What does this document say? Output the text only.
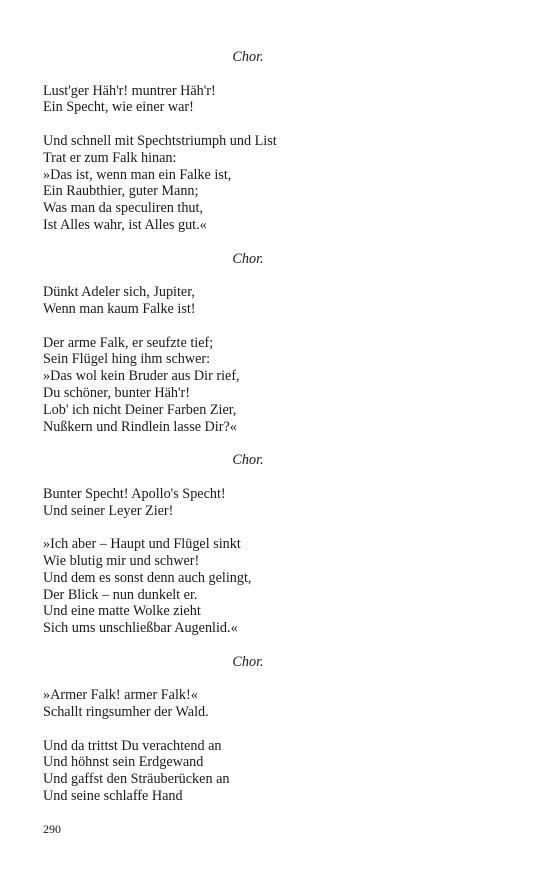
Chor.
Lust'ger Häh'r! muntrer Häh'r!
Ein Specht, wie einer war!
Und schnell mit Spechtstriumph und List
Trat er zum Falk hinan:
»Das ist, wenn man ein Falke ist,
Ein Raubthier, guter Mann;
Was man da speculiren thut,
Ist Alles wahr, ist Alles gut.«
Chor.
Dünkt Adeler sich, Jupiter,
Wenn man kaum Falke ist!
Der arme Falk, er seufzte tief;
Sein Flügel hing ihm schwer:
»Das wol kein Bruder aus Dir rief,
Du schöner, bunter Häh'r!
Lob' ich nicht Deiner Farben Zier,
Nußkern und Rindlein lasse Dir?«
Chor.
Bunter Specht! Apollo's Specht!
Und seiner Leyer Zier!
»Ich aber – Haupt und Flügel sinkt
Wie blutig mir und schwer!
Und dem es sonst denn auch gelingt,
Der Blick – nun dunkelt er.
Und eine matte Wolke zieht
Sich ums unschließbar Augenlid.«
Chor.
»Armer Falk! armer Falk!«
Schallt ringsumher der Wald.
Und da trittst Du verachtend an
Und höhnst sein Erdgewand
Und gaffst den Sträuberücken an
Und seine schlaffe Hand
290
